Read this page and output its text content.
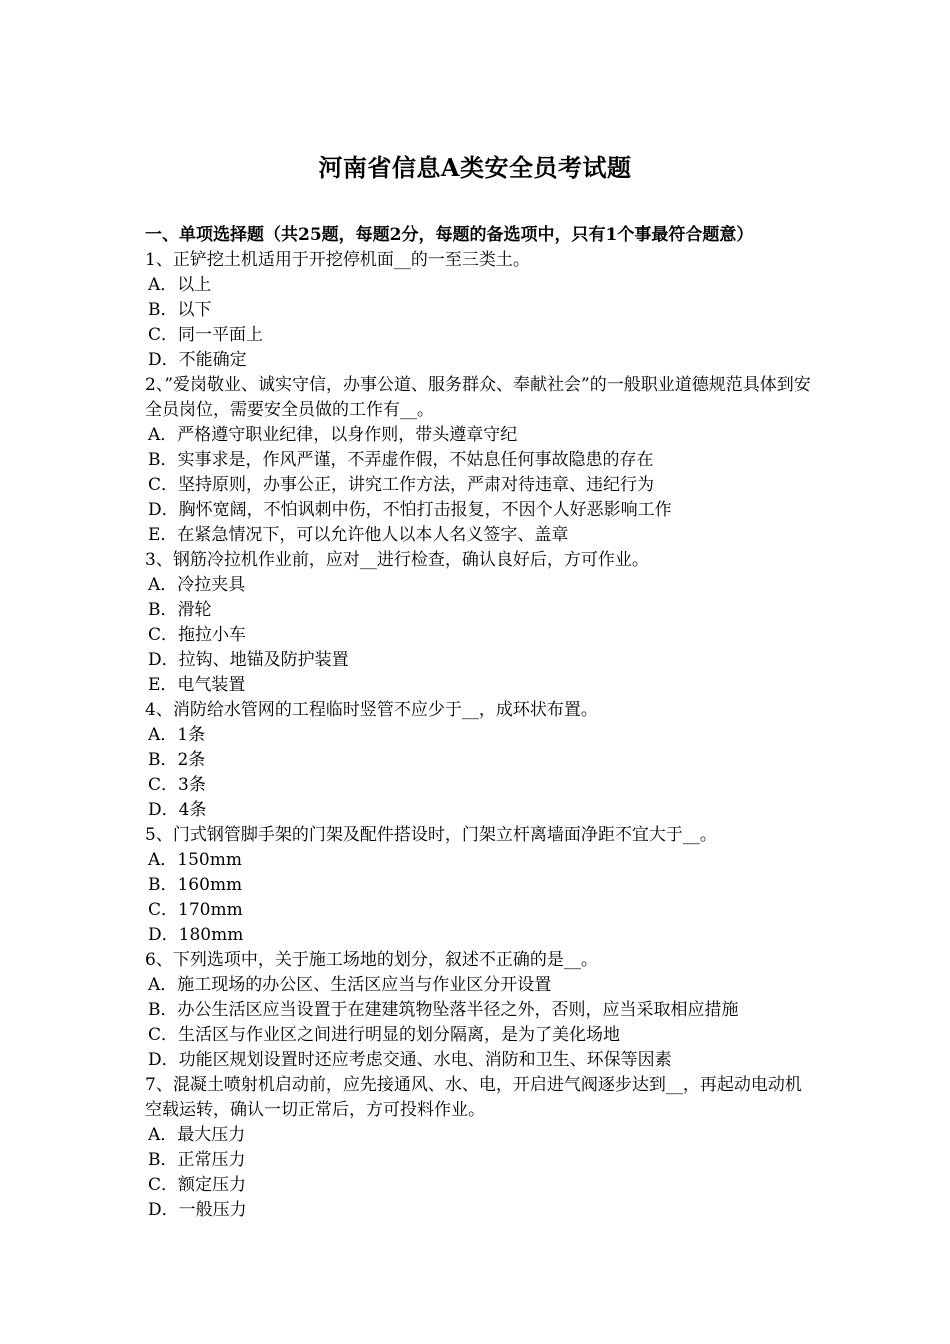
河南省信息A类安全员考试题
一、单项选择题（共25题，每题2分，每题的备选项中，只有1个事最符合题意）
1、正铲挖土机适用于开挖停机面__的一至三类土。
A．以上
B．以下
C．同一平面上
D．不能确定
2、”爱岗敬业、诚实守信，办事公道、服务群众、奉献社会”的一般职业道德规范具体到安全员岗位，需要安全员做的工作有__。
A．严格遵守职业纪律，以身作则，带头遵章守纪
B．实事求是，作风严谨，不弄虚作假，不姑息任何事故隐患的存在
C．坚持原则，办事公正，讲究工作方法，严肃对待违章、违纪行为
D．胸怀宽阔，不怕讽刺中伤，不怕打击报复，不因个人好恶影响工作
E．在紧急情况下，可以允许他人以本人名义签字、盖章
3、钢筋冷拉机作业前，应对__进行检查，确认良好后，方可作业。
A．冷拉夹具
B．滑轮
C．拖拉小车
D．拉钩、地锚及防护装置
E．电气装置
4、消防给水管网的工程临时竖管不应少于__，成环状布置。
A．1条
B．2条
C．3条
D．4条
5、门式钢管脚手架的门架及配件搭设时，门架立杆离墙面净距不宜大于__。
A．150mm
B．160mm
C．170mm
D．180mm
6、下列选项中，关于施工场地的划分，叙述不正确的是__。
A．施工现场的办公区、生活区应当与作业区分开设置
B．办公生活区应当设置于在建建筑物坠落半径之外，否则，应当采取相应措施
C．生活区与作业区之间进行明显的划分隔离，是为了美化场地
D．功能区规划设置时还应考虑交通、水电、消防和卫生、环保等因素
7、混凝土喷射机启动前，应先接通风、水、电，开启进气阀逐步达到__，再起动电动机空载运转，确认一切正常后，方可投料作业。
A．最大压力
B．正常压力
C．额定压力
D．一般压力
